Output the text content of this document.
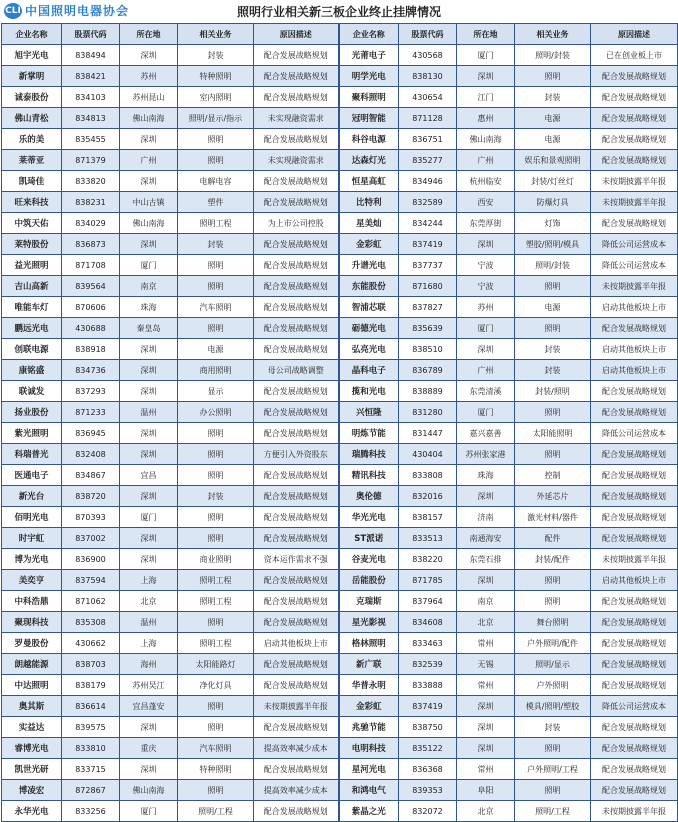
CLI 中国照明电器协会	照明行业相关新三板企业终止挂牌情况
企业名称	股票代码	所在地	相关业务	原因描述	企业名称	股票代码	所在地	相关业务	原因描述
旭宇光电	838494	深圳	封装	配合发展战略规划	光莆电子	430568	厦门	照明/封装	已在创业板上市
新掌明	838421	苏州	特种照明	配合发展战略规划	明学光电	838130	深圳	照明	配合发展战略规划
诚泰股份	834103	苏州昆山	室内照明	配合发展战略规划	聚科照明	430654	江门	封装	配合发展战略规划
佛山青松	834813	佛山南海	照明/显示/指示	未实现融资需求	冠明智能	871128	惠州	电源	配合发展战略规划
乐的美	835455	深圳	照明	配合发展战略规划	科谷电源	836751	佛山南海	电源	配合发展战略规划
莱蒂亚	871379	广州	照明	未实现融资需求	达森灯光	835277	广州	娱乐和景观照明	配合发展战略规划
凯琦佳	833820	深圳	电解电容	配合发展战略规划	恒星高虹	834946	杭州临安	封装/灯丝灯	未按期披露半年报
旺来科技	838231	中山古镇	塑件	配合发展战略规划	比特利	832589	西安	防爆灯具	未按期披露半年报
中筑天佑	834029	佛山南海	照明工程	为上市公司控股	星美灿	834244	东莞厚街	灯饰	配合发展战略规划
莱特股份	836873	深圳	封装	配合发展战略规划	金彩虹	837419	深圳	塑胶/照明/模具	降低公司运营成本
益光照明	871708	厦门	照明	配合发展战略规划	升谱光电	837737	宁波	照明/封装	降低公司运营成本
吉山高新	839564	南京	照明	配合发展战略规划	东能股份	871680	宁波	照明	未按期披露半年报
唯能车灯	870606	珠海	汽车照明	配合发展战略规划	智浦芯联	837827	苏州	电源	启动其他板块上市
鹏远光电	430688	秦皇岛	照明	配合发展战略规划	砺德光电	835639	厦门	照明	配合发展战略规划
创联电源	838918	深圳	电源	配合发展战略规划	弘亮光电	838510	深圳	封装	启动其他板块上市
康铭盛	834736	深圳	商用照明	母公司战略调整	晶科电子	836789	广州	封装	启动其他板块上市
联诚发	837293	深圳	显示	配合发展战略规划	揽和光电	838889	东莞清溪	封装/照明	配合发展战略规划
扬业股份	871233	温州	办公照明	配合发展战略规划	兴恒隆	831280	厦门	照明	配合发展战略规划
紫光照明	836945	深圳	照明	配合发展战略规划	明炼节能	831447	嘉兴嘉善	太阳能照明	降低公司运营成本
科瑞普光	832408	深圳	照明	方便引入外资股东	瑞腾科技	430404	苏州张家港	照明	配合发展战略规划
医通电子	834867	宜昌	照明	配合发展战略规划	精讯科技	833808	珠海	控制	配合发展战略规划
新光台	838720	深圳	封装	配合发展战略规划	奥伦德	832016	深圳	外延芯片	配合发展战略规划
佰明光电	870393	厦门	照明	配合发展战略规划	华光光电	838157	济南	激光材料/器件	配合发展战略规划
时宇虹	837002	深圳	照明	配合发展战略规划	ST派诺	833513	南通海安	配件	配合发展战略规划
博为光电	836900	深圳	商业照明	资本运作需求不强	谷麦光电	838220	东莞石排	封装/配件	未按期披露半年报
美奕亨	837594	上海	照明工程	配合发展战略规划	岳能股份	871785	深圳	照明	启动其他板块上市
中科浩鼎	871062	北京	照明工程	配合发展战略规划	克瑞斯	837964	南京	照明	配合发展战略规划
聚现科技	835308	温州	照明	配合发展战略规划	星光影视	834608	北京	舞台照明	配合发展战略规划
罗曼股份	430662	上海	照明工程	启动其他板块上市	格林照明	833463	常州	户外照明/配件	配合发展战略规划
朗越能源	838703	海州	太阳能路灯	配合发展战略规划	新广联	832539	无锡	照明/显示	配合发展战略规划
中达照明	838179	苏州吴江	净化灯具	配合发展战略规划	华普永明	833888	常州	户外照明	配合发展战略规划
奥其斯	836614	宜昌蓬安	照明	未按期披露半年报	金彩虹	837419	深圳	模具/照明/塑胶	降低公司运营成本
实益达	839575	深圳	照明	配合发展战略规划	兆驰节能	838750	深圳	封装	配合发展战略规划
睿博光电	833810	重庆	汽车照明	提高效率减少成本	电明科技	835122	深圳	照明	配合发展战略规划
凯世光研	833715	深圳	特种照明	配合发展战略规划	星河光电	836368	常州	户外照明/工程	配合发展战略规划
博凌宏	872867	佛山南海	照明	提高效率减少成本	和鸿电气	839353	阜阳	照明	配合发展战略规划
永华光电	833256	厦门	照明/工程	配合发展战略规划	紫晶之光	832072	北京	照明/工程	未按期披露半年报
